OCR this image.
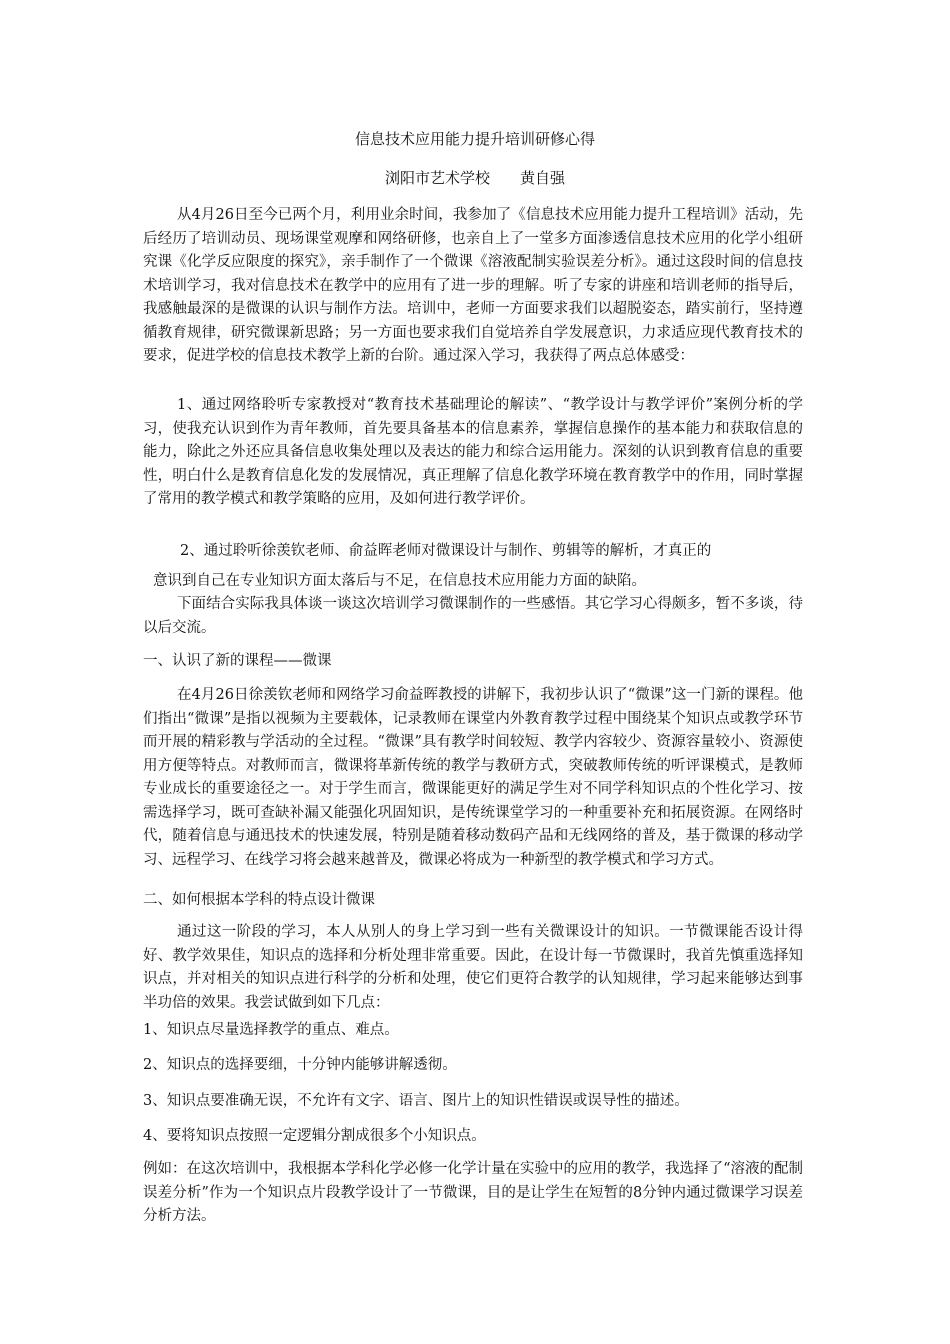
信息技术应用能力提升培训研修心得
浏阳市艺术学校　　黄自强
从4月26日至今已两个月，利用业余时间，我参加了《信息技术应用能力提升工程培训》活动，先后经历了培训动员、现场课堂观摩和网络研修，也亲自上了一堂多方面渗透信息技术应用的化学小组研究课《化学反应限度的探究》，亲手制作了一个微课《溶液配制实验误差分析》。通过这段时间的信息技术培训学习，我对信息技术在教学中的应用有了进一步的理解。听了专家的讲座和培训老师的指导后，我感触最深的是微课的认识与制作方法。培训中，老师一方面要求我们以超脱姿态，踏实前行，坚持遵循教育规律，研究微课新思路；另一方面也要求我们自觉培养自学发展意识，力求适应现代教育技术的要求，促进学校的信息技术教学上新的台阶。通过深入学习，我获得了两点总体感受：
1、通过网络聆听专家教授对“教育技术基础理论的解读”、“教学设计与教学评价”案例分析的学习，使我充认识到作为青年教师，首先要具备基本的信息素养，掌握信息操作的基本能力和获取信息的能力，除此之外还应具备信息收集处理以及表达的能力和综合运用能力。深刻的认识到教育信息的重要性，明白什么是教育信息化发的发展情况，真正理解了信息化教学环境在教育教学中的作用，同时掌握了常用的教学模式和教学策略的应用，及如何进行教学评价。
2、通过聆听徐羡钦老师、俞益晖老师对微课设计与制作、剪辑等的解析，才真正的
意识到自己在专业知识方面太落后与不足，在信息技术应用能力方面的缺陷。
下面结合实际我具体谈一谈这次培训学习微课制作的一些感悟。其它学习心得颇多，暂不多谈，待以后交流。
一、认识了新的课程——微课
在4月26日徐羡钦老师和网络学习俞益晖教授的讲解下，我初步认识了“微课”这一门新的课程。他们指出“微课”是指以视频为主要载体，记录教师在课堂内外教育教学过程中围绕某个知识点或教学环节而开展的精彩教与学活动的全过程。“微课”具有教学时间较短、教学内容较少、资源容量较小、资源使用方便等特点。对教师而言，微课将革新传统的教学与教研方式，突破教师传统的听评课模式，是教师专业成长的重要途径之一。对于学生而言，微课能更好的满足学生对不同学科知识点的个性化学习、按需选择学习，既可查缺补漏又能强化巩固知识，是传统课堂学习的一种重要补充和拓展资源。在网络时代，随着信息与通迅技术的快速发展，特别是随着移动数码产品和无线网络的普及，基于微课的移动学习、远程学习、在线学习将会越来越普及，微课必将成为一种新型的教学模式和学习方式。
二、如何根据本学科的特点设计微课
通过这一阶段的学习，本人从别人的身上学习到一些有关微课设计的知识。一节微课能否设计得好、教学效果佳，知识点的选择和分析处理非常重要。因此，在设计每一节微课时，我首先慎重选择知识点，并对相关的知识点进行科学的分析和处理，使它们更符合教学的认知规律，学习起来能够达到事半功倍的效果。我尝试做到如下几点：
1、知识点尽量选择教学的重点、难点。
2、知识点的选择要细，十分钟内能够讲解透彻。
3、知识点要准确无误，不允许有文字、语言、图片上的知识性错误或误导性的描述。
4、要将知识点按照一定逻辑分割成很多个小知识点。
例如：在这次培训中，我根据本学科化学必修一化学计量在实验中的应用的教学，我选择了“溶液的配制误差分析”作为一个知识点片段教学设计了一节微课，目的是让学生在短暂的8分钟内通过微课学习误差分析方法。
